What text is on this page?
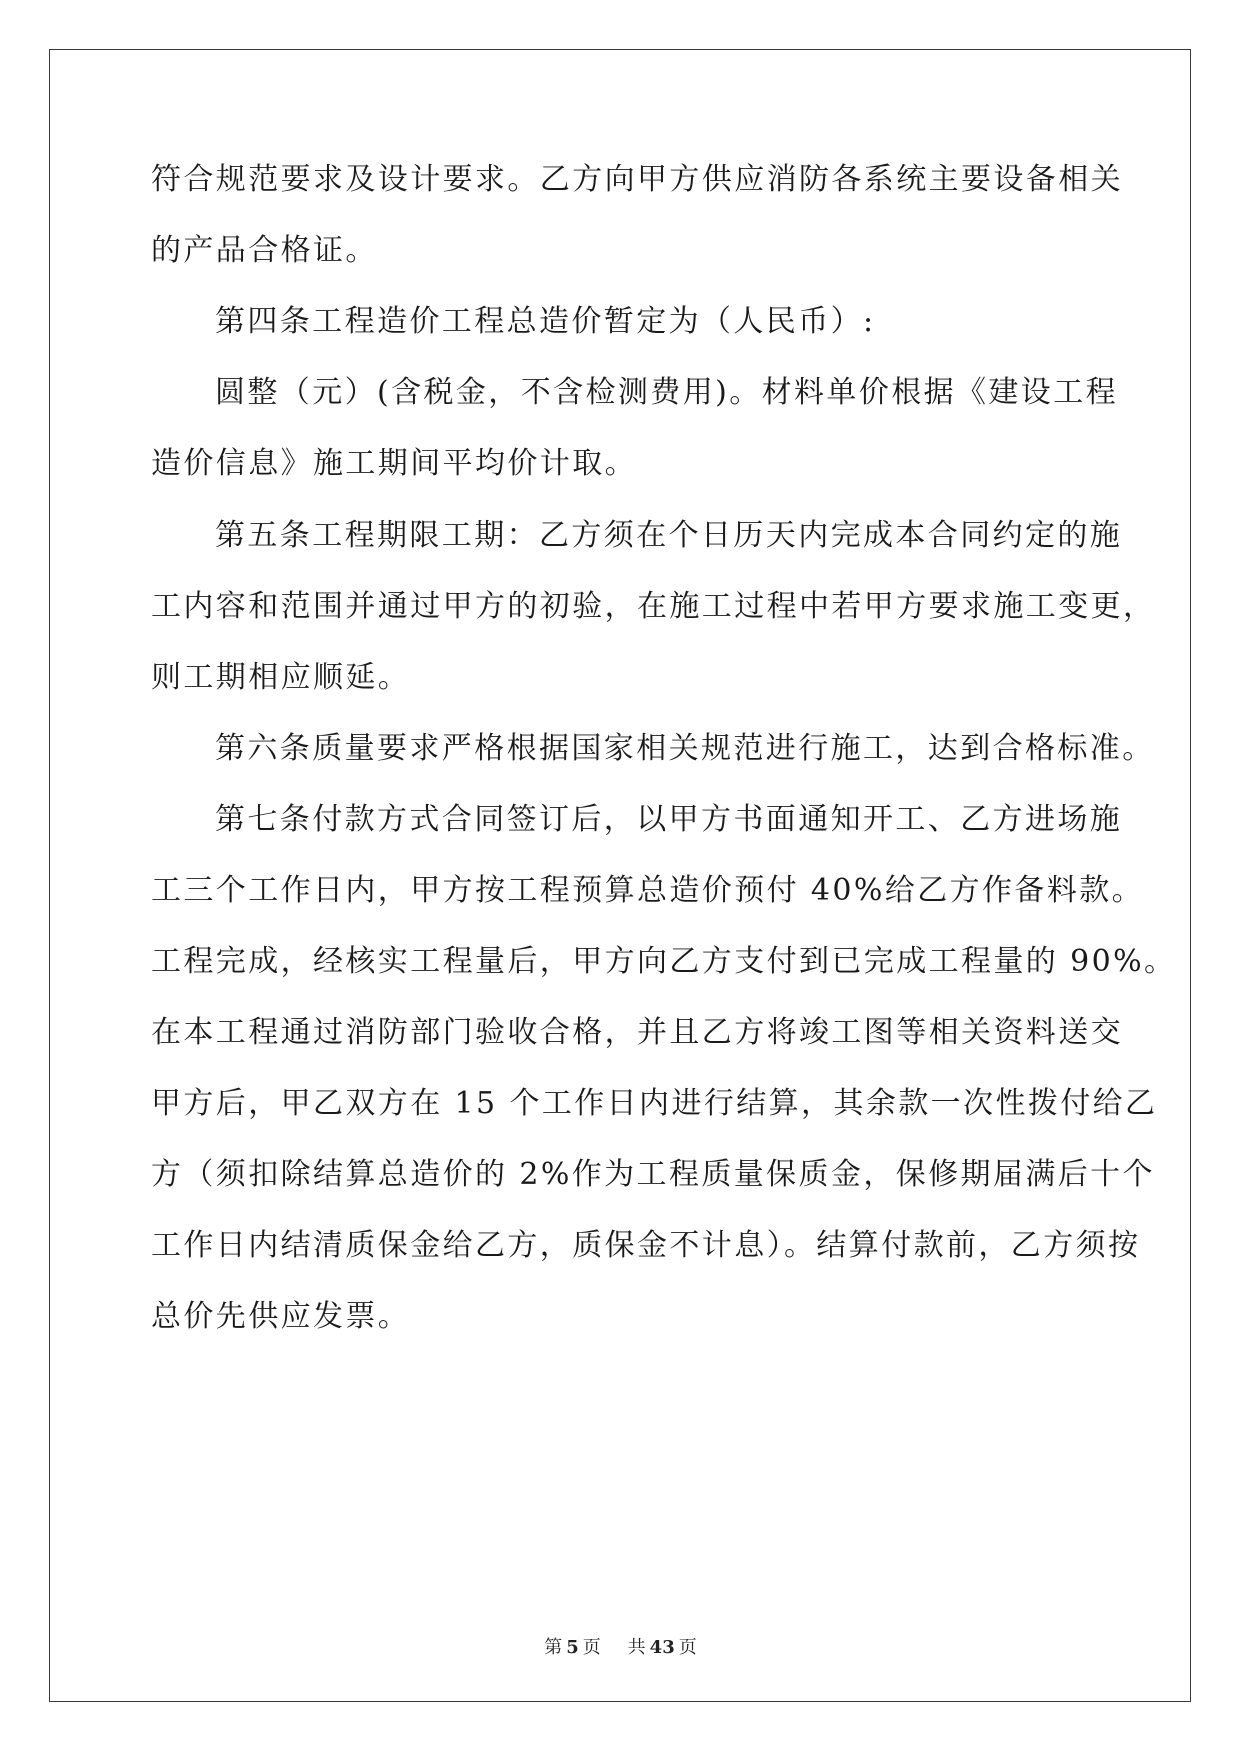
符合规范要求及设计要求。乙方向甲方供应消防各系统主要设备相关
的产品合格证。
第四条工程造价工程总造价暂定为（人民币）:
圆整（元）(含税金，不含检测费用)。材料单价根据《建设工程
造价信息》施工期间平均价计取。
第五条工程期限工期：乙方须在个日历天内完成本合同约定的施
工内容和范围并通过甲方的初验，在施工过程中若甲方要求施工变更，
则工期相应顺延。
第六条质量要求严格根据国家相关规范进行施工，达到合格标准。
第七条付款方式合同签订后，以甲方书面通知开工、乙方进场施
工三个工作日内，甲方按工程预算总造价预付 40%给乙方作备料款。
工程完成，经核实工程量后，甲方向乙方支付到已完成工程量的 90%。
在本工程通过消防部门验收合格，并且乙方将竣工图等相关资料送交
甲方后，甲乙双方在 15 个工作日内进行结算，其余款一次性拨付给乙
方（须扣除结算总造价的 2%作为工程质量保质金，保修期届满后十个
工作日内结清质保金给乙方，质保金不计息）。结算付款前，乙方须按
总价先供应发票。
第 5 页 共 43 页
